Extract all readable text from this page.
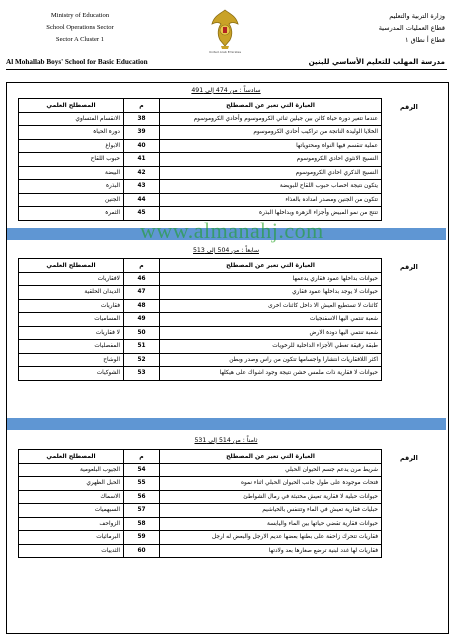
Ministry of Education
School Operations Sector
Sector A Cluster 1
United Arab Emirates
وزارة التربية والتعليم
قطاع العمليات المدرسية
قطاع أ نطاق ١
Al Mohallab Boys' School for Basic Education	مدرسة المهلب للتعليم الأساسي للبنين
سادساً : من 474 إلى 491
الرقم
العبارة التي تعبر عن المصطلح	م	المصطلح العلمي
عندما تتغير دورة حياة كائن بين جيلين ثنائي الكروموسوم وأحادي الكروموسوم	38	الانقسام المتساوي
الخلايا الوليدة الناتجة من تراكيب أحادي الكروموسوم	39	دورة الحياة
عملية تنقسم فيها النواة ومحتوياتها	40	الابواغ
النسيج الانثوي احادي الكروموسوم	41	حبوب اللقاح
النسيج الذكري احادي الكروموسوم	42	البيضة
يتكون نتيجة اخصاب حبوب اللقاح للبويضة	43	البذرة
تتكون من الجنين ومصدر امداده بالغذاء	44	الجنين
تنتج من نمو المبيض وأجزاء الزهرة وبداخلها البذرة	45	الثمرة
سابعاً : من 504 إلى 513
الرقم
العبارة التي تعبر عن المصطلح	م	المصطلح العلمي
حيوانات بداخلها عمود فقاري يدعمها	46	لافقاريات
حيوانات لا يوجد بداخلها عمود فقاري	47	الديدان الحلقية
كائنات لا تستطيع العيش الا داخل كائنات اخرى	48	فقاريات
شعبة تنتمي اليها الاسفنجيات	49	المساميات
شعبة تنتمي اليها دودة الارض	50	لا فقاريات
طبقة رقيقة تغطي الأجزاء الداخلية للرخويات	51	المفصليات
اكثر اللافقاريات انتشارا واجسامها تتكون من راس وصدر وبطن	52	الوشاح
حيوانات لا فقارية ذات ملمس خشن نتيجة وجود اشواك على هيكلها	53	الشوكيات
ثامناً : من 514 إلى 531
الرقم
العبارة التي تعبر عن المصطلح	م	المصطلح العلمي
شريط مرن يدعم جسم الحيوان الحبلي	54	الجيوب البلعومية
فتحات موجودة على طول جانب الحيوان الحبلي اثناء نموه	55	الحبل الظهري
حيوانات حبلية لا فقارية تعيش مختبئة في رمال الشواطئ	56	الاسماك
حبليات فقارية تعيش في الماء وتتنفس بالخياشيم	57	السبهميات
حيوانات فقارية تقضي حياتها بين الماء واليابسة	58	الزواحف
فقاريات تتحرك زاحفة على بطنها بعضها عديم الارجل والبعض له ارجل	59	البرمائيات
فقاريات لها غدد لبنية ترضع صغارها بعد ولادتها	60	الثدييات
www.almanahj.com
